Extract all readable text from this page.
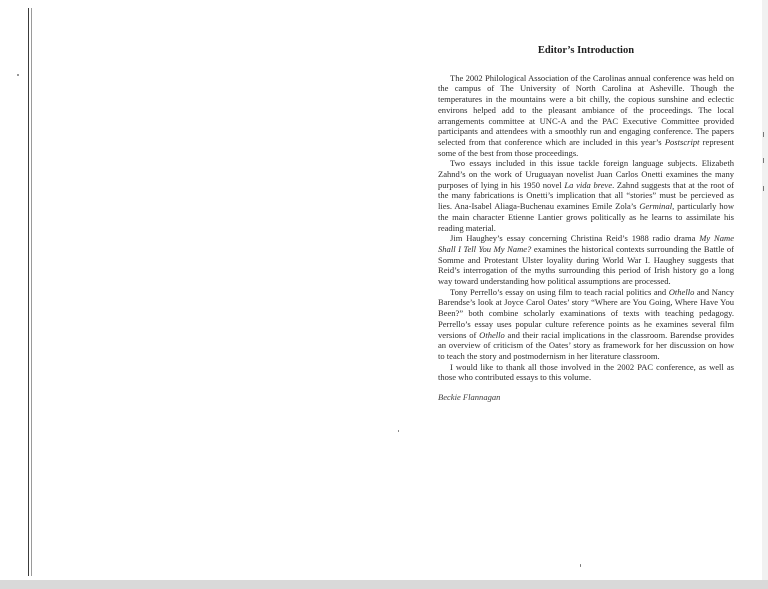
Editor’s Introduction

The 2002 Philological Association of the Carolinas annual conference was held on the campus of The University of North Carolina at Asheville. Though the temperatures in the mountains were a bit chilly, the copious sunshine and eclectic environs helped add to the pleasant ambiance of the proceedings. The local arrangements committee at UNC-A and the PAC Executive Committee provided participants and attendees with a smoothly run and engaging conference. The papers selected from that conference which are included in this year’s Postscript represent some of the best from those proceedings.

Two essays included in this issue tackle foreign language subjects. Elizabeth Zahnd’s on the work of Uruguayan novelist Juan Carlos Onetti examines the many purposes of lying in his 1950 novel La vida breve. Zahnd suggests that at the root of the many fabrications is Onetti’s implication that all “stories” must be percieved as lies. Ana-Isabel Aliaga-Buchenau examines Emile Zola’s Germinal, particularly how the main character Etienne Lantier grows politically as he learns to assimilate his reading material.

Jim Haughey’s essay concerning Christina Reid’s 1988 radio drama My Name Shall I Tell You My Name? examines the historical contexts surrounding the Battle of Somme and Protestant Ulster loyality during World War I. Haughey suggests that Reid’s interrogation of the myths surrounding this period of Irish history go a long way toward understanding how political assumptions are processed.

Tony Perrello’s essay on using film to teach racial politics and Othello and Nancy Barendse’s look at Joyce Carol Oates’ story “Where are You Going, Where Have You Been?” both combine scholarly examinations of texts with teaching pedagogy. Perrello’s essay uses popular culture reference points as he examines several film versions of Othello and their racial implications in the classroom. Barendse provides an overview of criticism of the Oates’ story as framework for her discussion on how to teach the story and postmodernism in her literature classroom.

I would like to thank all those involved in the 2002 PAC conference, as well as those who contributed essays to this volume.

Beckie Flannagan
